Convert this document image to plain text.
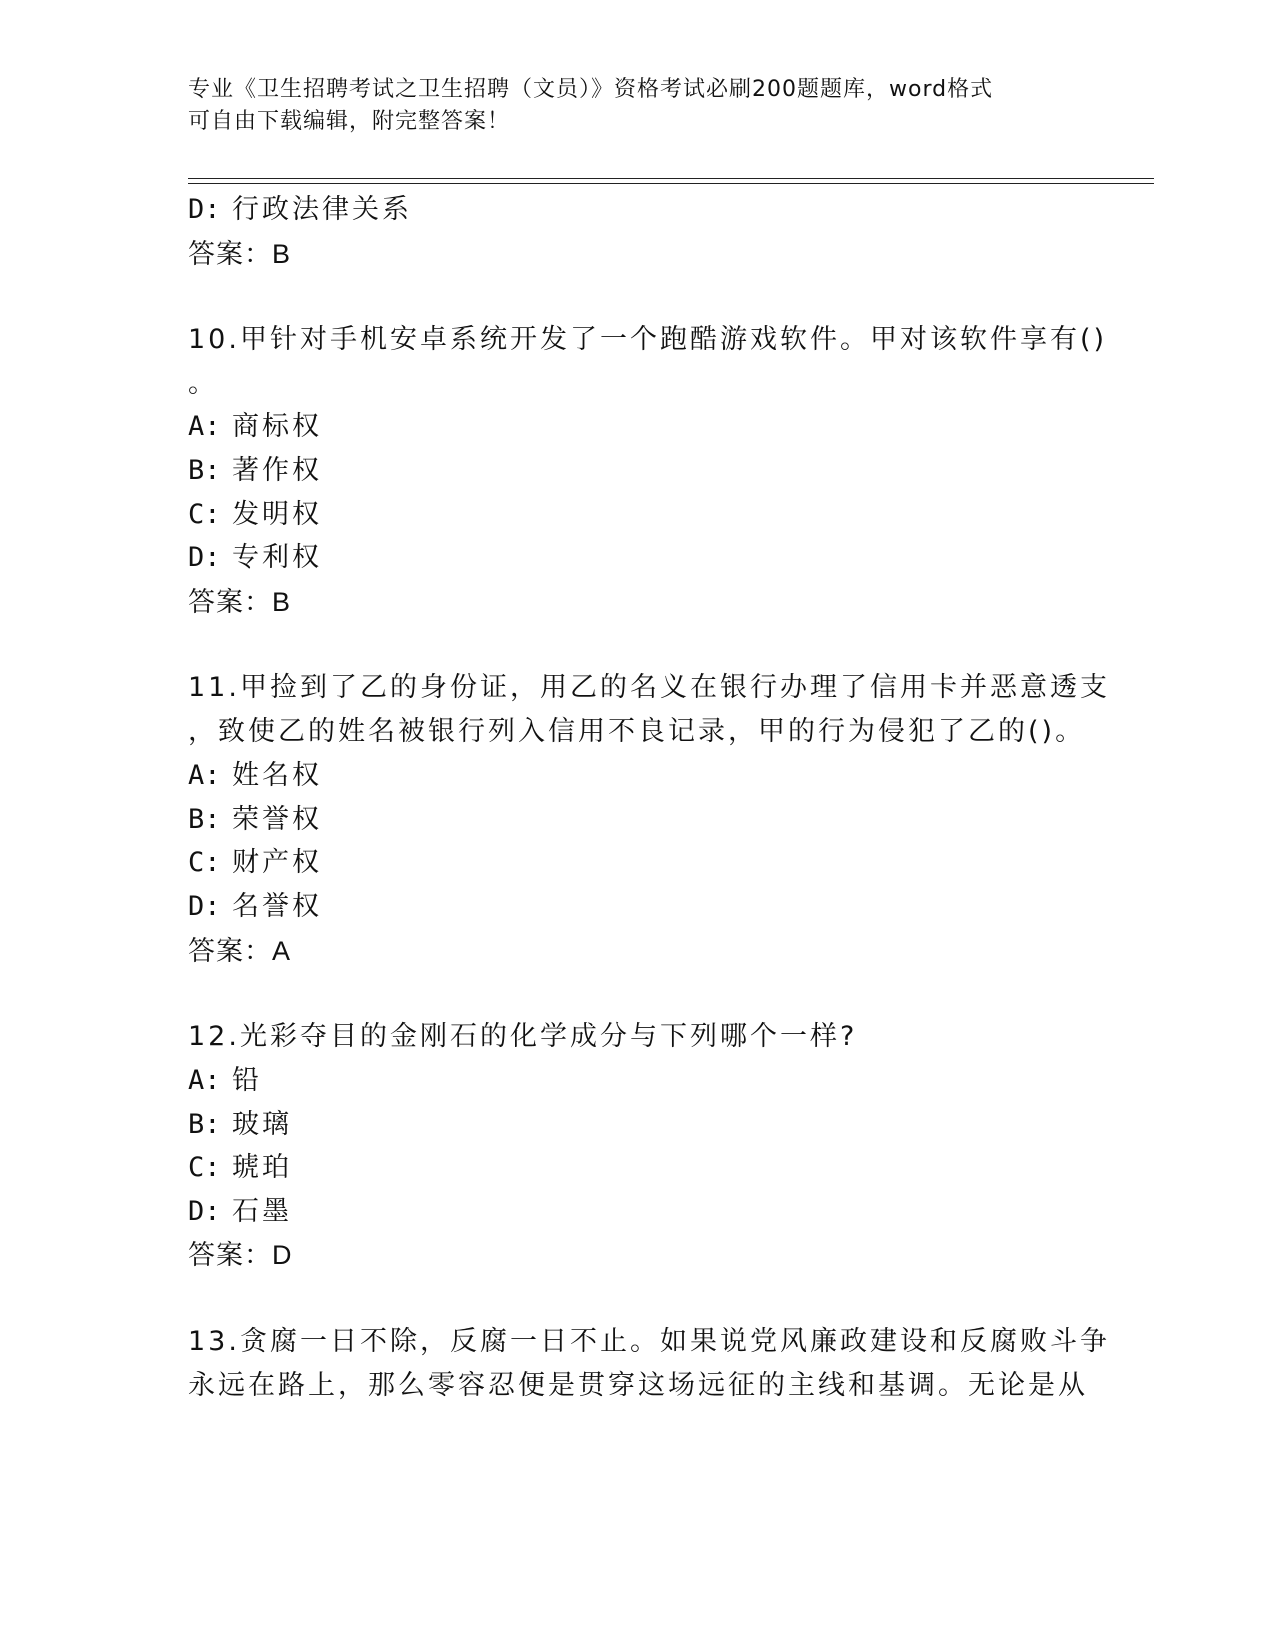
专业《卫生招聘考试之卫生招聘（文员）》资格考试必刷200题题库，word格式
可自由下载编辑，附完整答案！
D: 行政法律关系
答案：B
10.甲针对手机安卓系统开发了一个跑酷游戏软件。甲对该软件享有()
。
A: 商标权
B: 著作权
C: 发明权
D: 专利权
答案：B
11.甲捡到了乙的身份证，用乙的名义在银行办理了信用卡并恶意透支
，致使乙的姓名被银行列入信用不良记录，甲的行为侵犯了乙的()。
A: 姓名权
B: 荣誉权
C: 财产权
D: 名誉权
答案：A
12.光彩夺目的金刚石的化学成分与下列哪个一样?
A: 铅
B: 玻璃
C: 琥珀
D: 石墨
答案：D
13.贪腐一日不除，反腐一日不止。如果说党风廉政建设和反腐败斗争
永远在路上，那么零容忍便是贯穿这场远征的主线和基调。无论是从
